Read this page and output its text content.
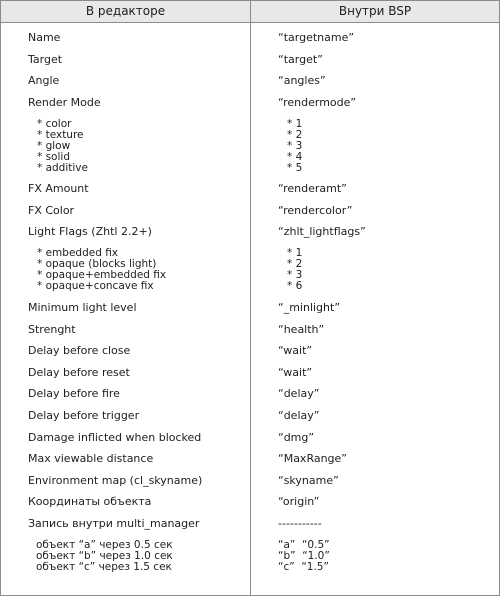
В редакторе	Внутри BSP
Name	“targetname”
Target	“target”
Angle	“angles”
Render Mode	“rendermode”
* color	* 1
* texture	* 2
* glow	* 3
* solid	* 4
* additive	* 5
FX Amount	“renderamt”
FX Color	“rendercolor”
Light Flags (Zhtl 2.2+)	“zhlt_lightflags”
* embedded fix	* 1
* opaque (blocks light)	* 2
* opaque+embedded fix	* 3
* opaque+concave fix	* 6
Minimum light level	“_minlight”
Strenght	“health”
Delay before close	“wait”
Delay before reset	“wait”
Delay before fire	“delay”
Delay before trigger	“delay”
Damage inflicted when blocked	“dmg”
Max viewable distance	“MaxRange”
Environment map (cl_skyname)	“skyname”
Координаты объекта	“origin”
Запись внутри multi_manager	-----------
объект “a” через 0.5 сек	“a”  “0.5”
объект “b” через 1.0 сек	“b”  “1.0”
объект “c” через 1.5 сек	“c”  “1.5”
